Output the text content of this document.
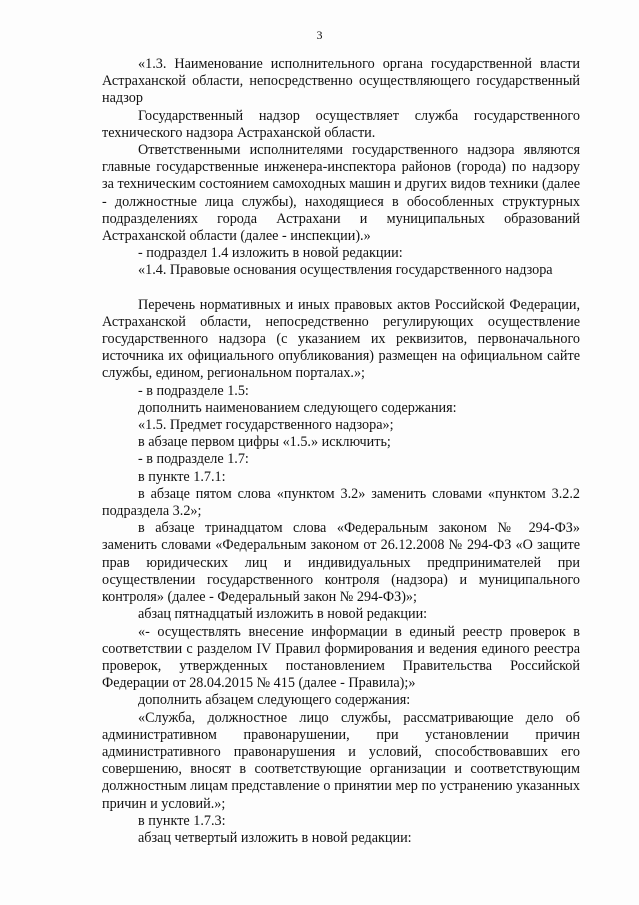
3

«1.3. Наименование исполнительного органа государственной власти Астраханской области, непосредственно осуществляющего государственный надзор

Государственный надзор осуществляет служба государственного технического надзора Астраханской области.

Ответственными исполнителями государственного надзора являются главные государственные инженера-инспектора районов (города) по надзору за техническим состоянием самоходных машин и других видов техники (далее - должностные лица службы), находящиеся в обособленных структурных подразделениях города Астрахани и муниципальных образований Астраханской области (далее - инспекции).»

- подраздел 1.4 изложить в новой редакции:

«1.4. Правовые основания осуществления государственного надзора

Перечень нормативных и иных правовых актов Российской Федерации, Астраханской области, непосредственно регулирующих осуществление государственного надзора (с указанием их реквизитов, первоначального источника их официального опубликования) размещен на официальном сайте службы, едином, региональном порталах.»;

- в подразделе 1.5:

дополнить наименованием следующего содержания:

«1.5. Предмет государственного надзора»;

в абзаце первом цифры «1.5.» исключить;

- в подразделе 1.7:

в пункте 1.7.1:

в абзаце пятом слова «пунктом 3.2» заменить словами «пунктом 3.2.2 подраздела 3.2»;

в абзаце тринадцатом слова «Федеральным законом № 294-ФЗ» заменить словами «Федеральным законом от 26.12.2008 № 294-ФЗ «О защите прав юридических лиц и индивидуальных предпринимателей при осуществлении государственного контроля (надзора) и муниципального контроля» (далее - Федеральный закон № 294-ФЗ)»;

абзац пятнадцатый изложить в новой редакции:

«- осуществлять внесение информации в единый реестр проверок в соответствии с разделом IV Правил формирования и ведения единого реестра проверок, утвержденных постановлением Правительства Российской Федерации от 28.04.2015 № 415 (далее - Правила);»

дополнить абзацем следующего содержания:

«Служба, должностное лицо службы, рассматривающие дело об административном правонарушении, при установлении причин административного правонарушения и условий, способствовавших его совершению, вносят в соответствующие организации и соответствующим должностным лицам представление о принятии мер по устранению указанных причин и условий.»;

в пункте 1.7.3:

абзац четвертый изложить в новой редакции:
